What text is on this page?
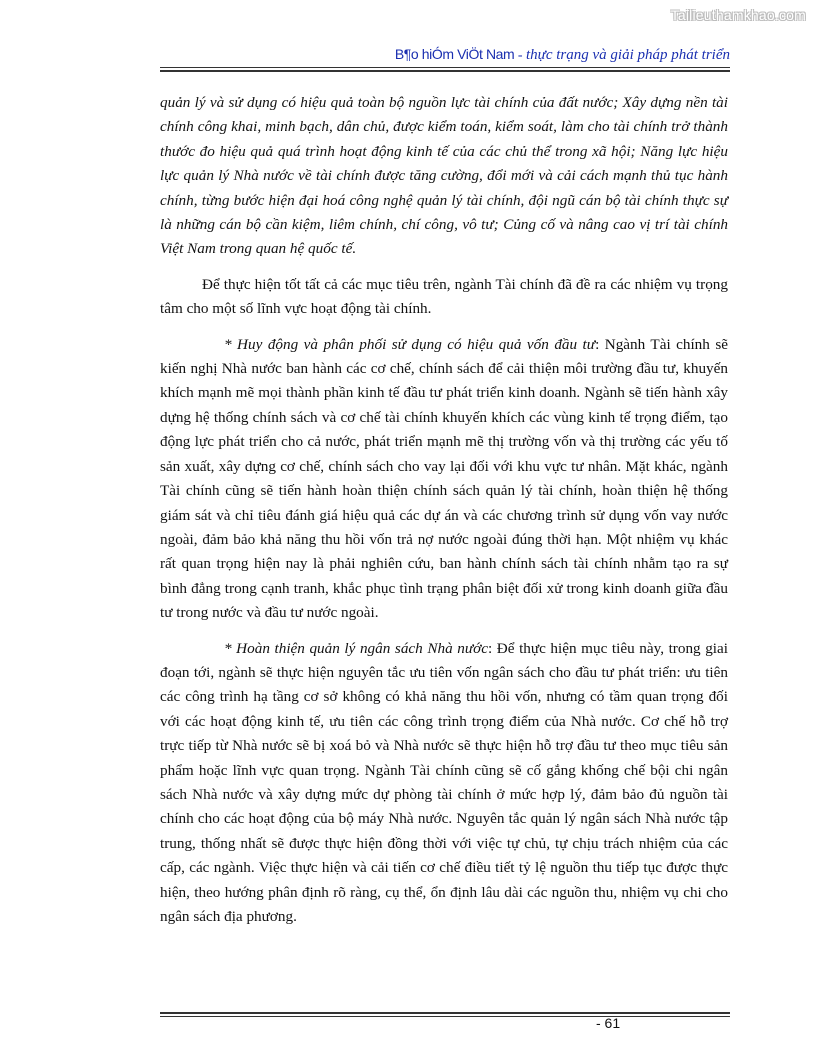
Tailieuthamkhao.com
B¶o hiÓm ViÖt Nam - thực trạng và giải pháp phát triển

quản lý và sử dụng có hiệu quả toàn bộ nguồn lực tài chính của đất nước; Xây dựng nền tài chính công khai, minh bạch, dân chủ, được kiểm toán, kiểm soát, làm cho tài chính trở thành thước đo hiệu quả quá trình hoạt động kinh tế của các chủ thể trong xã hội; Năng lực hiệu lực quản lý Nhà nước về tài chính được tăng cường, đổi mới và cải cách mạnh thủ tục hành chính, từng bước hiện đại hoá công nghệ quản lý tài chính, đội ngũ cán bộ tài chính thực sự là những cán bộ cần kiệm, liêm chính, chí công, vô tư; Củng cố và nâng cao vị trí tài chính Việt Nam trong quan hệ quốc tế.

Để thực hiện tốt tất cả các mục tiêu trên, ngành Tài chính đã đề ra các nhiệm vụ trọng tâm cho một số lĩnh vực hoạt động tài chính.

* Huy động và phân phối sử dụng có hiệu quả vốn đầu tư: Ngành Tài chính sẽ kiến nghị Nhà nước ban hành các cơ chế, chính sách để cải thiện môi trường đầu tư, khuyến khích mạnh mẽ mọi thành phần kinh tế đầu tư phát triển kinh doanh. Ngành sẽ tiến hành xây dựng hệ thống chính sách và cơ chế tài chính khuyến khích các vùng kinh tế trọng điểm, tạo động lực phát triển cho cả nước, phát triển mạnh mẽ thị trường vốn và thị trường các yếu tố sản xuất, xây dựng cơ chế, chính sách cho vay lại đối với khu vực tư nhân. Mặt khác, ngành Tài chính cũng sẽ tiến hành hoàn thiện chính sách quản lý tài chính, hoàn thiện hệ thống giám sát và chỉ tiêu đánh giá hiệu quả các dự án và các chương trình sử dụng vốn vay nước ngoài, đảm bảo khả năng thu hồi vốn trả nợ nước ngoài đúng thời hạn. Một nhiệm vụ khác rất quan trọng hiện nay là phải nghiên cứu, ban hành chính sách tài chính nhằm tạo ra sự bình đẳng trong cạnh tranh, khắc phục tình trạng phân biệt đối xử trong kinh doanh giữa đầu tư trong nước và đầu tư nước ngoài.

* Hoàn thiện quản lý ngân sách Nhà nước: Để thực hiện mục tiêu này, trong giai đoạn tới, ngành sẽ thực hiện nguyên tắc ưu tiên vốn ngân sách cho đầu tư phát triển: ưu tiên các công trình hạ tầng cơ sở không có khả năng thu hồi vốn, nhưng có tầm quan trọng đối với các hoạt động kinh tế, ưu tiên các công trình trọng điểm của Nhà nước. Cơ chế hỗ trợ trực tiếp từ Nhà nước sẽ bị xoá bỏ và Nhà nước sẽ thực hiện hỗ trợ đầu tư theo mục tiêu sản phẩm hoặc lĩnh vực quan trọng. Ngành Tài chính cũng sẽ cố gắng khống chế bội chi ngân sách Nhà nước và xây dựng mức dự phòng tài chính ở mức hợp lý, đảm bảo đủ nguồn tài chính cho các hoạt động của bộ máy Nhà nước. Nguyên tắc quản lý ngân sách Nhà nước tập trung, thống nhất sẽ được thực hiện đồng thời với việc tự chủ, tự chịu trách nhiệm của các cấp, các ngành. Việc thực hiện và cải tiến cơ chế điều tiết tỷ lệ nguồn thu tiếp tục được thực hiện, theo hướng phân định rõ ràng, cụ thể, ổn định lâu dài các nguồn thu, nhiệm vụ chi cho ngân sách địa phương.

- 61
